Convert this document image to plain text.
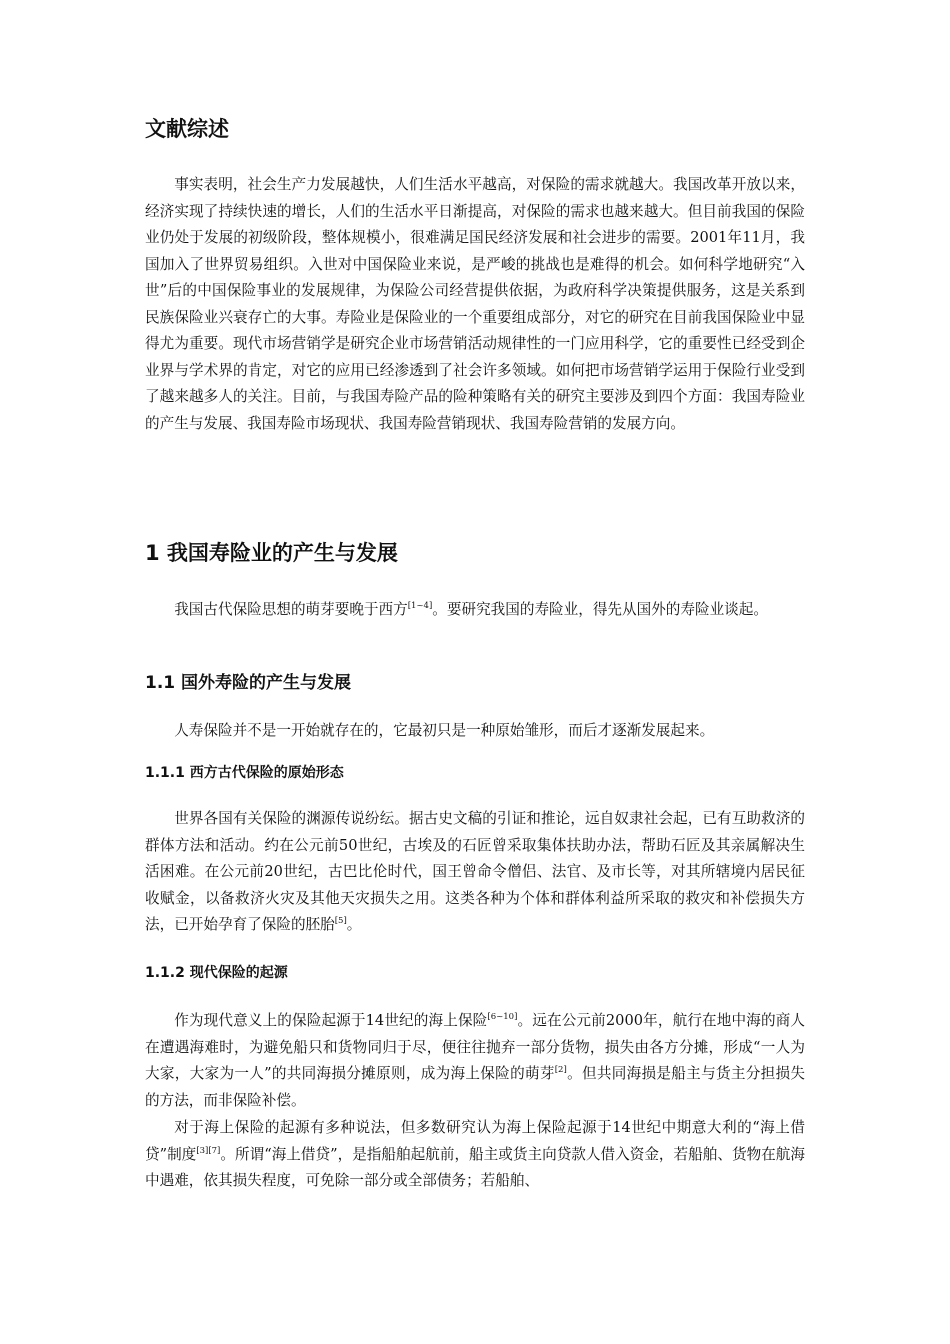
文献综述

事实表明，社会生产力发展越快，人们生活水平越高，对保险的需求就越大。我国改革开放以来，经济实现了持续快速的增长，人们的生活水平日渐提高，对保险的需求也越来越大。但目前我国的保险业仍处于发展的初级阶段，整体规模小，很难满足国民经济发展和社会进步的需要。2001年11月，我国加入了世界贸易组织。入世对中国保险业来说，是严峻的挑战也是难得的机会。如何科学地研究“入世”后的中国保险事业的发展规律，为保险公司经营提供依据，为政府科学决策提供服务，这是关系到民族保险业兴衰存亡的大事。寿险业是保险业的一个重要组成部分，对它的研究在目前我国保险业中显得尤为重要。现代市场营销学是研究企业市场营销活动规律性的一门应用科学，它的重要性已经受到企业界与学术界的肯定，对它的应用已经渗透到了社会许多领域。如何把市场营销学运用于保险行业受到了越来越多人的关注。目前，与我国寿险产品的险种策略有关的研究主要涉及到四个方面：我国寿险业的产生与发展、我国寿险市场现状、我国寿险营销现状、我国寿险营销的发展方向。

1 我国寿险业的产生与发展

我国古代保险思想的萌芽要晚于西方[1~4]。要研究我国的寿险业，得先从国外的寿险业谈起。

1.1 国外寿险的产生与发展

人寿保险并不是一开始就存在的，它最初只是一种原始雏形，而后才逐渐发展起来。

1.1.1 西方古代保险的原始形态

世界各国有关保险的渊源传说纷纭。据古史文稿的引证和推论，远自奴隶社会起，已有互助救济的群体方法和活动。约在公元前50世纪，古埃及的石匠曾采取集体扶助办法，帮助石匠及其亲属解决生活困难。在公元前20世纪，古巴比伦时代，国王曾命令僧侣、法官、及市长等，对其所辖境内居民征收赋金，以备救济火灾及其他天灾损失之用。这类各种为个体和群体利益所采取的救灾和补偿损失方法，已开始孕育了保险的胚胎[5]。

1.1.2 现代保险的起源

作为现代意义上的保险起源于14世纪的海上保险[6~10]。远在公元前2000年，航行在地中海的商人在遭遇海难时，为避免船只和货物同归于尽，便往往抛弃一部分货物，损失由各方分摊，形成“一人为大家，大家为一人”的共同海损分摊原则，成为海上保险的萌芽[2]。但共同海损是船主与货主分担损失的方法，而非保险补偿。

对于海上保险的起源有多种说法，但多数研究认为海上保险起源于14世纪中期意大利的“海上借贷”制度[3][7]。所谓“海上借贷”，是指船舶起航前，船主或货主向贷款人借入资金，若船舶、货物在航海中遇难，依其损失程度，可免除一部分或全部债务；若船舶、
